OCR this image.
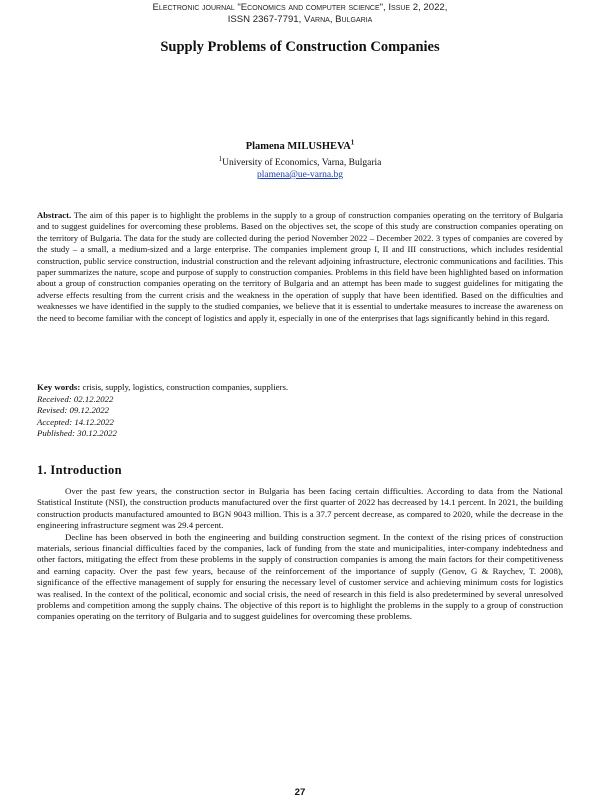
Electronic journal "Economics and computer science", Issue 2, 2022,
ISSN 2367-7791, Varna, Bulgaria
Supply Problems of Construction Companies
Plamena MILUSHEVA$^1$
$^1$University of Economics, Varna, Bulgaria
plamena@ue-varna.bg
Abstract. The aim of this paper is to highlight the problems in the supply to a group of construction companies operating on the territory of Bulgaria and to suggest guidelines for overcoming these problems. Based on the objectives set, the scope of this study are construction companies operating on the territory of Bulgaria. The data for the study are collected during the period November 2022 – December 2022. 3 types of companies are covered by the study – a small, a medium-sized and a large enterprise. The companies implement group I, II and III constructions, which includes residential construction, public service construction, industrial construction and the relevant adjoining infrastructure, electronic communications and facilities. This paper summarizes the nature, scope and purpose of supply to construction companies. Problems in this field have been highlighted based on information about a group of construction companies operating on the territory of Bulgaria and an attempt has been made to suggest guidelines for mitigating the adverse effects resulting from the current crisis and the weakness in the operation of supply that have been identified. Based on the difficulties and weaknesses we have identified in the supply to the studied companies, we believe that it is essential to undertake measures to increase the awareness on the need to become familiar with the concept of logistics and apply it, especially in one of the enterprises that lags significantly behind in this regard.
Key words: crisis, supply, logistics, construction companies, suppliers.
Received: 02.12.2022
Revised: 09.12.2022
Accepted: 14.12.2022
Published: 30.12.2022
1. Introduction

Over the past few years, the construction sector in Bulgaria has been facing certain difficulties. According to data from the National Statistical Institute (NSI), the construction products manufactured over the first quarter of 2022 has decreased by 14.1 percent. In 2021, the building construction products manufactured amounted to BGN 9043 million. This is a 37.7 percent decrease, as compared to 2020, while the decrease in the engineering infrastructure segment was 29.4 percent.

Decline has been observed in both the engineering and building construction segment. In the context of the rising prices of construction materials, serious financial difficulties faced by the companies, lack of funding from the state and municipalities, inter-company indebtedness and other factors, mitigating the effect from these problems in the supply of construction companies is among the main factors for their competitiveness and earning capacity. Over the past few years, because of the reinforcement of the importance of supply (Genov, G & Raychev, T. 2008), significance of the effective management of supply for ensuring the necessary level of customer service and achieving minimum costs for logistics was realised. In the context of the political, economic and social crisis, the need of research in this field is also predetermined by several unresolved problems and competition among the supply chains. The objective of this report is to highlight the problems in the supply to a group of construction companies operating on the territory of Bulgaria and to suggest guidelines for overcoming these problems.

27
